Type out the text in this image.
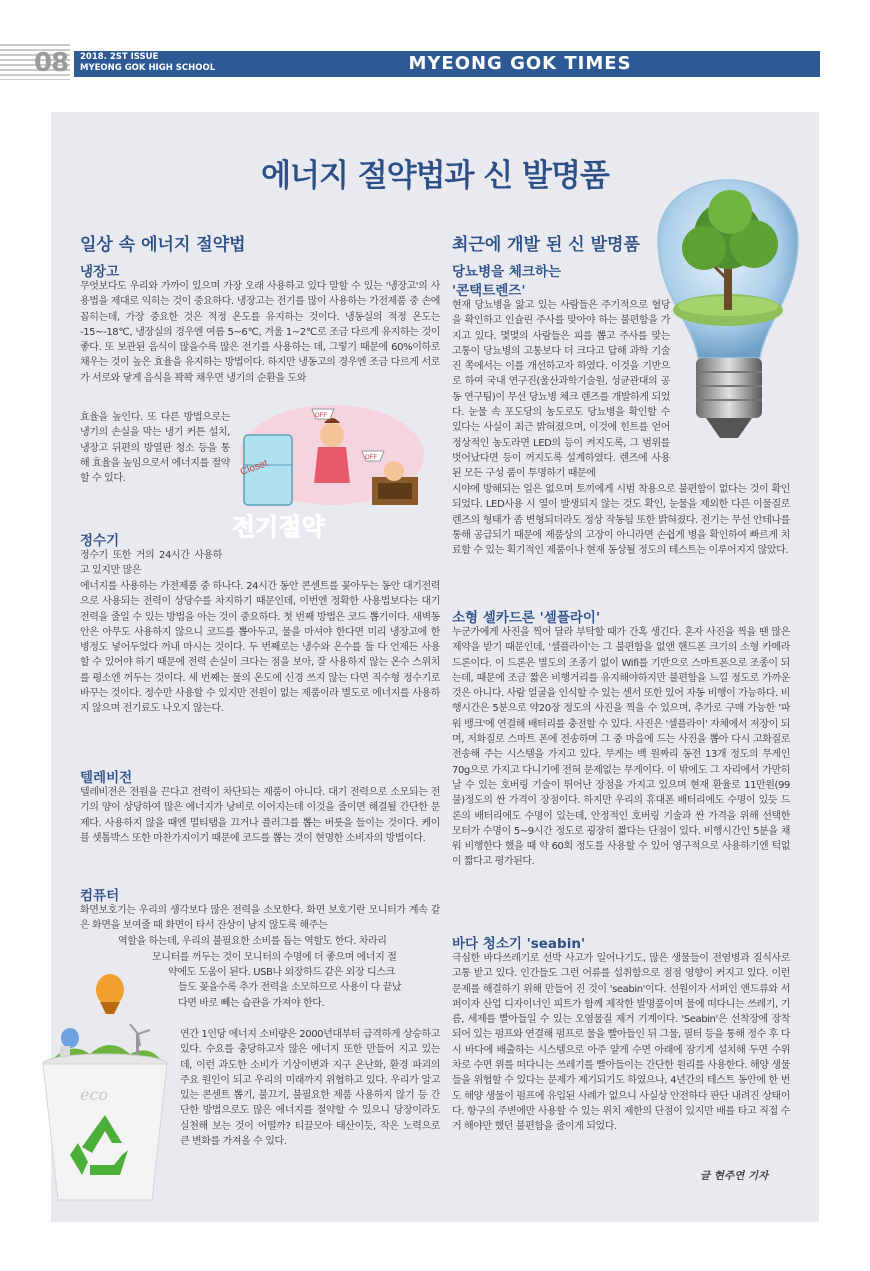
08 2018. 2ST ISSUE
MYEONG GOK HIGH SCHOOL	MYEONG GOK TIMES
에너지 절약법과 신 발명품
일상 속 에너지 절약법
냉장고

무엇보다도 우리와 가까이 있으며 가장 오래 사용하고 있다 말할 수 있는 '냉장고'의 사용법을 제대로 익히는 것이 중요하다. 냉장고는 전기를 많이 사용하는 가전제품 중 손에 꼽히는데, 가장 중요한 것은 적정 온도를 유지하는 것이다. 냉동실의 적정 온도는 -15~-18℃, 냉장실의 경우엔 여름 5~6℃, 겨울 1~2℃로 조금 다르게 유지하는 것이 좋다. 또 보관된 음식이 많을수록 많은 전기를 사용하는 데, 그렇기 때문에 60%이하로 채우는 것이 높은 효율을 유지하는 방법이다. 하지만 냉동고의 경우엔 조금 다르게 서로가 서로와 닿게 음식을 꽉꽉 채우면 냉기의 순환을 도와

효율을 높인다. 또 다른 방법으로는 냉기의 손실을 막는 냉기 커튼 설치, 냉장고 뒤편의 방열판 청소 등을 통해 효율을 높임으로서 에너지를 절약할 수 있다.

Closet
OFF
OFF
전기절약
정수기

정수기 또한 거의 24시간 사용하고 있지만 많은

에너지를 사용하는 가전제품 중 하나다. 24시간 동안 콘센트를 꽂아두는 동안 대기전력으로 사용되는 전력이 상당수를 차지하기 때문인데, 이번엔 정확한 사용법보다는 대기전력을 줄일 수 있는 방법을 아는 것이 중요하다. 첫 번째 방법은 코드 뽑기이다. 새벽동안은 아무도 사용하지 않으니 코드를 뽑아두고, 물을 마셔야 한다면 미리 냉장고에 한 병정도 넣어두었다 꺼내 마시는 것이다. 두 번째로는 냉수와 온수를 둘 다 언제든 사용할 수 있어야 하기 때문에 전력 손실이 크다는 점을 보아, 잘 사용하지 않는 온수 스위치를 평소엔 꺼두는 것이다. 세 번째는 물의 온도에 신경 쓰지 않는 다면 직수형 정수기로 바꾸는 것이다. 정수만 사용할 수 있지만 전원이 없는 제품이라 별도로 에너지를 사용하지 않으며 전기료도 나오지 않는다.

텔레비전

텔레비전은 전원을 끈다고 전력이 차단되는 제품이 아니다. 대기 전력으로 소모되는 전기의 양이 상당하여 많은 에너지가 낭비로 이어지는데 이것을 줄이면 해결될 간단한 문제다. 사용하지 않을 때엔 멀티탭을 끄거나 플러그를 뽑는 버릇을 들이는 것이다. 케이블 셋톱박스 또한 마찬가지이기 때문에 코드를 뽑는 것이 현명한 소비자의 방법이다.

컴퓨터

화면보호기는 우리의 생각보다 많은 전력을 소모한다. 화면 보호기란 모니터가 계속 같은 화면을 보여줄 때 화면이 타서 잔상이 남지 않도록 해주는

역할을 하는데, 우리의 불필요한 소비를 돕는 역할도 한다. 차라리

모니터를 꺼두는 것이 모니터의 수명에 더 좋으며 에너지 절

약에도 도움이 된다. USB나 외장하드 같은 외장 디스크

들도 꽂을수록 추가 전력을 소모하므로 사용이 다 끝났

다면 바로 빼는 습관을 가져야 한다.

연간 1인당 에너지 소비량은 2000년대부터 급격하게 상승하고 있다. 수요를 충당하고자 많은 에너지 또한 만들어 지고 있는 데, 이런 과도한 소비가 기상이변과 지구 온난화, 환경 파괴의 주요 원인이 되고 우리의 미래까지 위협하고 있다. 우리가 알고 있는 콘센트 뽑기, 불끄기, 불필요한 제품 사용하지 않기 등 간단한 방법으로도 많은 에너지를 절약할 수 있으니 당장이라도 실천해 보는 것이 어떨까? 티끌모아 태산이듯, 작은 노력으로 큰 변화를 가져올 수 있다.

eco
최근에 개발 된 신 발명품
당뇨병을 체크하는
'콘택트렌즈'

현재 당뇨병을 앓고 있는 사람들은 주기적으로 혈당을 확인하고 인슐린 주사를 맞아야 하는 불편함을 가지고 있다. 몇몇의 사람들은 피를 뽑고 주사를 맞는 고통이 당뇨병의 고통보다 더 크다고 답해 과학 기술진 쪽에서는 이를 개선하고자 하였다. 이것을 기반으로 하여 국내 연구진(울산과학기술원, 성균관대의 공동 연구팀)이 무선 당뇨병 체크 렌즈를 개발하게 되었다. 눈물 속 포도당의 농도로도 당뇨병을 확인할 수 있다는 사실이 최근 밝혀졌으며, 이것에 힌트를 얻어 정상적인 농도라면 LED의 등이 켜지도록, 그 범위를 벗어났다면 등이 꺼지도록 설계하였다. 렌즈에 사용 된 모든 구성 품이 투명하기 때문에

시야에 방해되는 일은 없으며 토끼에게 시범 착용으로 불편함이 없다는 것이 확인되었다. LED사용 시 열이 발생되지 않는 것도 확인, 눈물을 제외한 다른 이물질로 렌즈의 형태가 좀 변형되더라도 정상 작동됨 또한 밝혀졌다. 전기는 무선 안테나를 통해 공급되기 때문에 제품상의 고장이 아니라면 손쉽게 병을 확인하여 빠르게 치료할 수 있는 획기적인 제품이나 현재 동상될 정도의 테스트는 이루어지지 않았다.

소형 셀카드론 '셀플라이'

누군가에게 사진을 찍어 달라 부탁할 때가 간혹 생긴다. 혼자 사진을 찍을 땐 많은 제약을 받기 때문인데, '셀플라이'는 그 불편함을 없앤 핸드폰 크기의 소형 카메라 드론이다. 이 드론은 별도의 조종기 없이 Wifi를 기반으로 스마트폰으로 조종이 되는데, 때문에 조금 짧은 비행거리를 유지해야하지만 불편함을 느낄 정도로 가까운 것은 아니다. 사람 얼굴을 인식할 수 있는 센서 또한 있어 자동 비행이 가능하다. 비행시간은 5분으로 약20장 정도의 사진을 찍을 수 있으며, 추가로 구매 가능한 '파워 뱅크'에 연결해 배터리를 충전할 수 있다. 사진은 '셀플라이' 자체에서 저장이 되며, 저화질로 스마트 폰에 전송하며 그 중 마음에 드는 사진을 뽑아 다시 고화질로 전송해 주는 시스템을 가지고 있다. 무게는 백 원짜리 동전 13개 정도의 무게인 70g으로 가지고 다니기에 전혀 문제없는 무게이다. 이 밖에도 그 자리에서 가만히 날 수 있는 호버링 기술이 뛰어난 장점을 가지고 있으며 현재 환율로 11만원(99불)정도의 싼 가격이 장점이다. 하지만 우리의 휴대폰 배터리에도 수명이 있듯 드론의 배터리에도 수명이 있는데, 안정적인 호버링 기술과 싼 가격을 위해 선택한 모터가 수명이 5~9시간 정도로 굉장히 짧다는 단점이 있다. 비행시간인 5분을 채워 비행한다 했을 때 약 60회 정도를 사용할 수 있어 영구적으로 사용하기엔 턱없이 짧다고 평가된다.

바다 청소기 'seabin'

극심한 바다쓰레기로 선박 사고가 일어나기도, 많은 생물들이 전염병과 질식사로 고통 받고 있다. 인간들도 그런 어류를 섭취함으로 점점 영향이 커지고 있다. 이런 문제를 해결하기 위해 만들어 진 것이 'seabin'이다. 선원이자 서퍼인 앤드류와 서퍼이자 산업 디자이너인 피트가 함께 제작한 발명품이며 물에 떠다니는 쓰레기, 기름, 세제를 빨아들일 수 있는 오염물질 제거 기계이다. 'Seabin'은 선착장에 장착 되어 있는 펌프와 연결해 펌프로 물을 빨아들인 뒤 그물, 필터 등을 통해 정수 후 다시 바다에 배출하는 시스템으로 아주 얕게 수면 아래에 잠기게 설치해 두면 수위 차로 수면 위를 떠다니는 쓰레기를 빨아들이는 간단한 원리를 사용한다. 해양 생물들을 위협할 수 있다는 문제가 제기되기도 하였으나, 4년간의 테스트 동안에 한 번도 해양 생물이 펌프에 유입된 사례가 없으니 사실상 안전하다 판단 내려진 상태이다. 항구의 주변에만 사용할 수 있는 위치 제한의 단점이 있지만 배를 타고 직접 수거 해야만 했던 불편함을 줄이게 되었다.

글 현주연 기자
